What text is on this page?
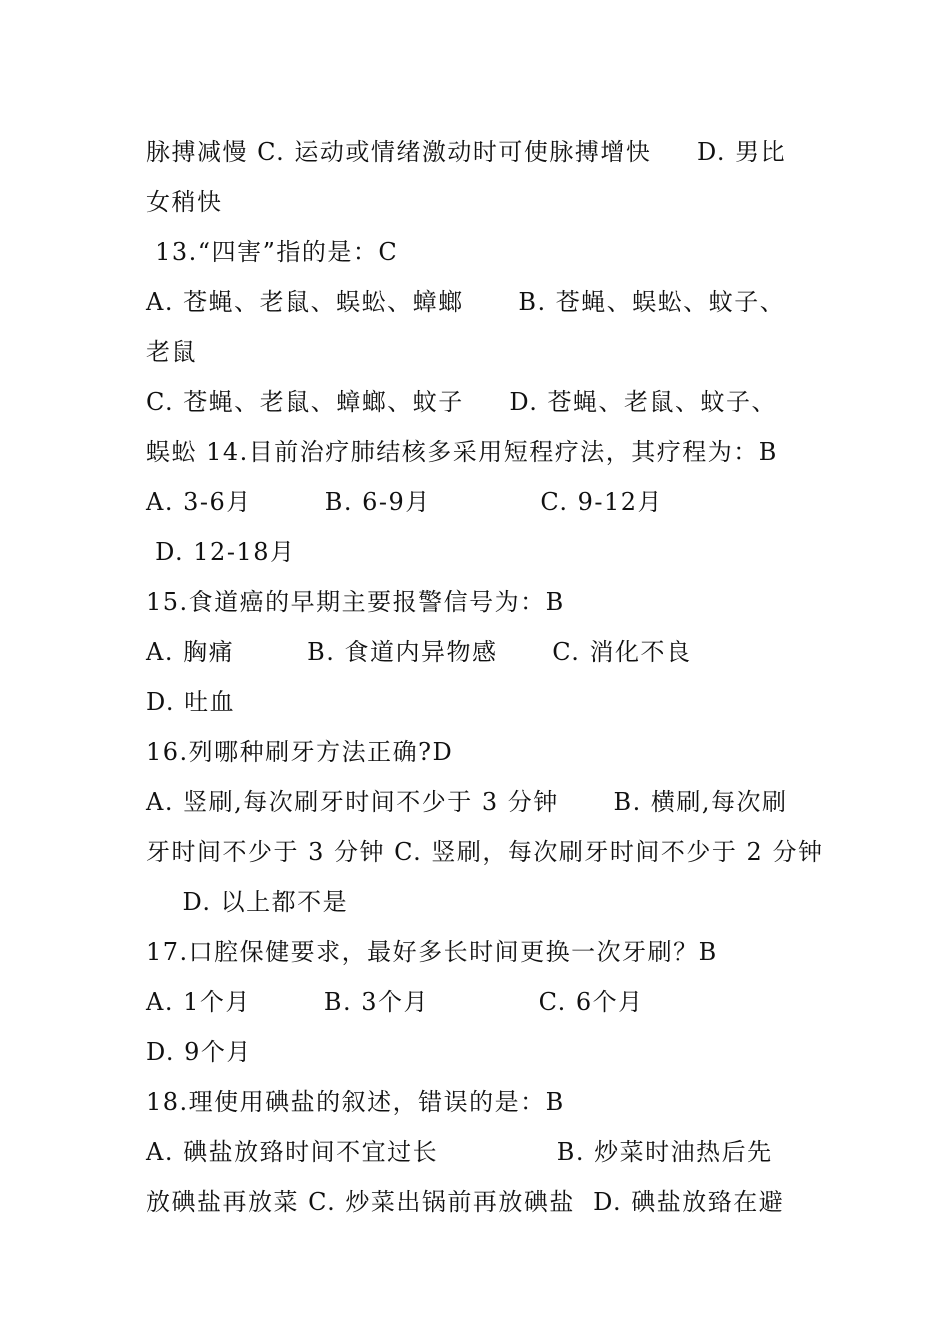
脉搏减慢 C. 运动或情绪激动时可使脉搏增快     D. 男比
女稍快
13.“四害”指的是：C
A. 苍蝇、老鼠、蜈蚣、蟑螂      B. 苍蝇、蜈蚣、蚊子、
老鼠
C. 苍蝇、老鼠、蟑螂、蚊子     D. 苍蝇、老鼠、蚊子、
蜈蚣 14.目前治疗肺结核多采用短程疗法，其疗程为：B
A. 3-6月        B. 6-9月            C. 9-12月
D. 12-18月
15.食道癌的早期主要报警信号为：B
A. 胸痛        B. 食道内异物感      C. 消化不良
D. 吐血
16.列哪种刷牙方法正确?D
A. 竖刷,每次刷牙时间不少于 3 分钟      B. 横刷,每次刷
牙时间不少于 3 分钟 C. 竖刷，每次刷牙时间不少于 2 分钟
D. 以上都不是
17.口腔保健要求，最好多长时间更换一次牙刷？B
A. 1个月        B. 3个月            C. 6个月
D. 9个月
18.理使用碘盐的叙述，错误的是：B
A. 碘盐放臵时间不宜过长             B. 炒菜时油热后先
放碘盐再放菜 C. 炒菜出锅前再放碘盐  D. 碘盐放臵在避
